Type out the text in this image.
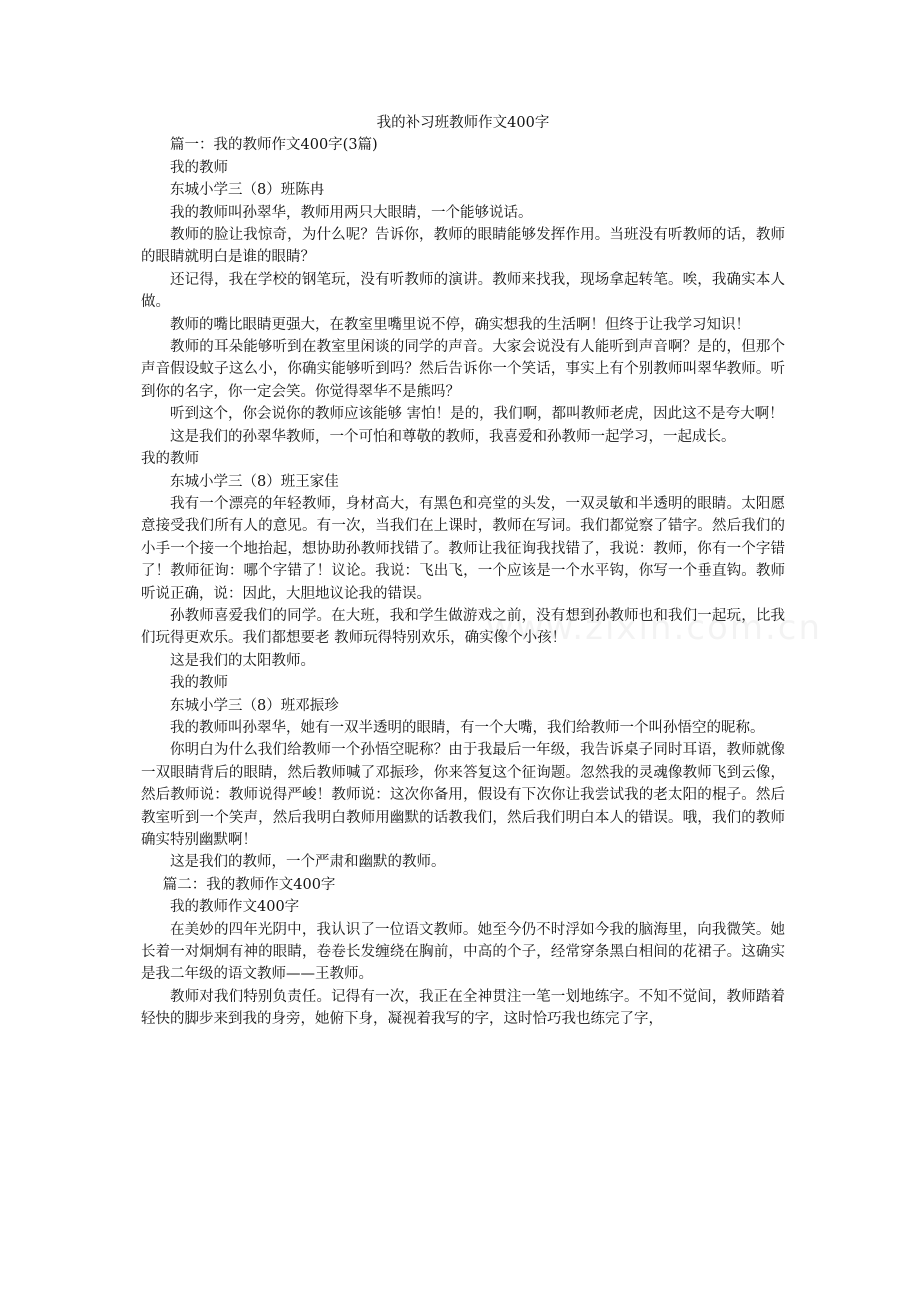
我的补习班教师作文400字

篇一：我的教师作文400字(3篇)

我的教师

东城小学三（8）班陈冉

我的教师叫孙翠华，教师用两只大眼睛，一个能够说话。

教师的脸让我惊奇，为什么呢？告诉你，教师的眼睛能够发挥作用。当班没有听教师的话，教师的眼睛就明白是谁的眼睛？

还记得，我在学校的钢笔玩，没有听教师的演讲。教师来找我，现场拿起转笔。唉，我确实本人做。

教师的嘴比眼睛更强大，在教室里嘴里说不停，确实想我的生活啊！但终于让我学习知识！

教师的耳朵能够听到在教室里闲谈的同学的声音。大家会说没有人能听到声音啊？是的，但那个声音假设蚊子这么小，你确实能够听到吗？然后告诉你一个笑话，事实上有个别教师叫翠华教师。听到你的名字，你一定会笑。你觉得翠华不是熊吗？

听到这个，你会说你的教师应该能够 害怕！是的，我们啊，都叫教师老虎，因此这不是夸大啊！

这是我们的孙翠华教师，一个可怕和尊敬的教师，我喜爱和孙教师一起学习，一起成长。

我的教师

东城小学三（8）班王家佳

我有一个漂亮的年轻教师，身材高大，有黑色和亮堂的头发，一双灵敏和半透明的眼睛。太阳愿意接受我们所有人的意见。有一次，当我们在上课时，教师在写词。我们都觉察了错字。然后我们的小手一个接一个地抬起，想协助孙教师找错了。教师让我征询我找错了，我说：教师，你有一个字错了！教师征询：哪个字错了！议论。我说：飞出飞，一个应该是一个水平钩，你写一个垂直钩。教师听说正确，说：因此，大胆地议论我的错误。

孙教师喜爱我们的同学。在大班，我和学生做游戏之前，没有想到孙教师也和我们一起玩，比我们玩得更欢乐。我们都想要老 教师玩得特别欢乐，确实像个小孩！

这是我们的太阳教师。

我的教师

东城小学三（8）班邓振珍

我的教师叫孙翠华，她有一双半透明的眼睛，有一个大嘴，我们给教师一个叫孙悟空的昵称。

你明白为什么我们给教师一个孙悟空昵称？由于我最后一年级，我告诉桌子同时耳语，教师就像一双眼睛背后的眼睛，然后教师喊了邓振珍，你来答复这个征询题。忽然我的灵魂像教师飞到云像，然后教师说：教师说得严峻！教师说：这次你备用，假设有下次你让我尝试我的老太阳的棍子。然后教室听到一个笑声，然后我明白教师用幽默的话教我们，然后我们明白本人的错误。哦，我们的教师确实特别幽默啊！

这是我们的教师，一个严肃和幽默的教师。

篇二：我的教师作文400字

我的教师作文400字

在美妙的四年光阴中，我认识了一位语文教师。她至今仍不时浮如今我的脑海里，向我微笑。她长着一对炯炯有神的眼睛，卷卷长发缠绕在胸前，中高的个子，经常穿条黑白相间的花裙子。这确实是我二年级的语文教师——王教师。

教师对我们特别负责任。记得有一次，我正在全神贯注一笔一划地练字。不知不觉间，教师踏着轻快的脚步来到我的身旁，她俯下身，凝视着我写的字，这时恰巧我也练完了字，
